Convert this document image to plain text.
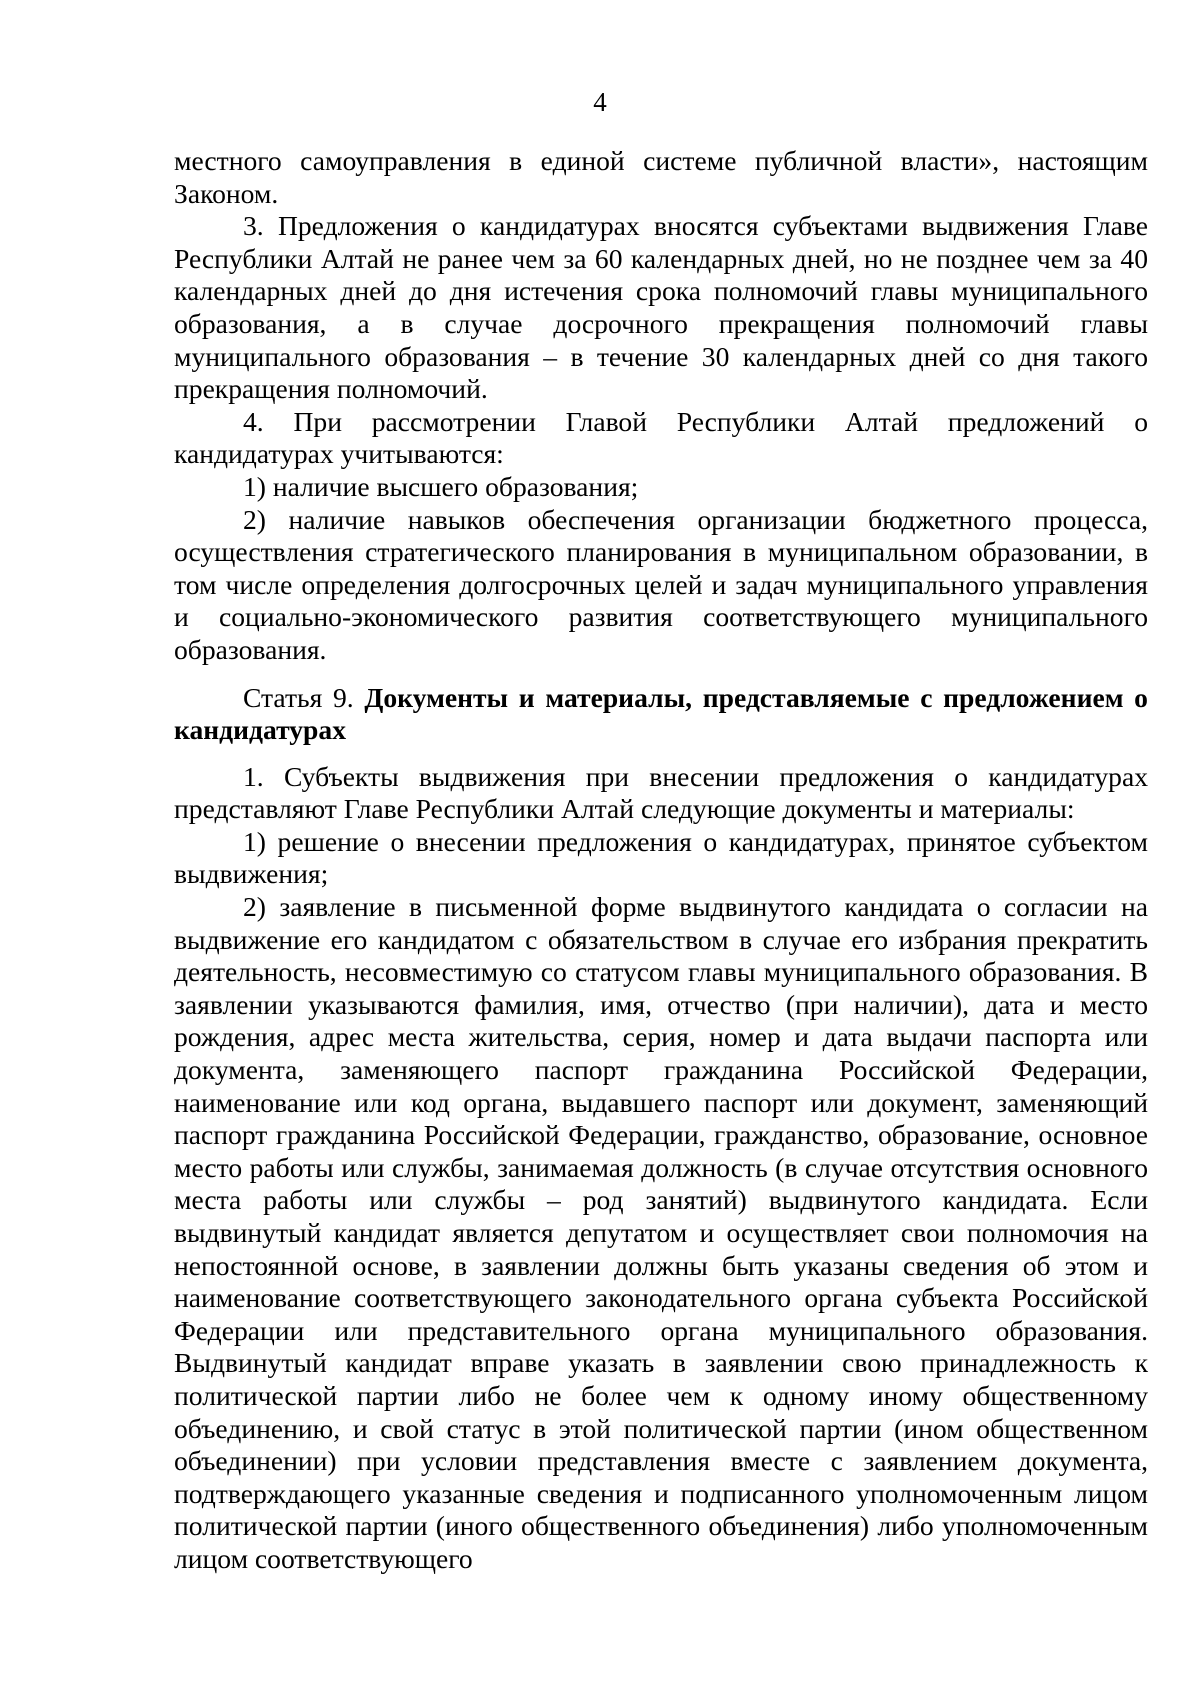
4

местного самоуправления в единой системе публичной власти», настоящим Законом.

3. Предложения о кандидатурах вносятся субъектами выдвижения Главе Республики Алтай не ранее чем за 60 календарных дней, но не позднее чем за 40 календарных дней до дня истечения срока полномочий главы муниципального образования, а в случае досрочного прекращения полномочий главы муниципального образования – в течение 30 календарных дней со дня такого прекращения полномочий.

4. При рассмотрении Главой Республики Алтай предложений о кандидатурах учитываются:

1) наличие высшего образования;

2) наличие навыков обеспечения организации бюджетного процесса, осуществления стратегического планирования в муниципальном образовании, в том числе определения долгосрочных целей и задач муниципального управления и социально-экономического развития соответствующего муниципального образования.

Статья 9. Документы и материалы, представляемые с предложением о кандидатурах

1. Субъекты выдвижения при внесении предложения о кандидатурах представляют Главе Республики Алтай следующие документы и материалы:

1) решение о внесении предложения о кандидатурах, принятое субъектом выдвижения;

2) заявление в письменной форме выдвинутого кандидата о согласии на выдвижение его кандидатом с обязательством в случае его избрания прекратить деятельность, несовместимую со статусом главы муниципального образования. В заявлении указываются фамилия, имя, отчество (при наличии), дата и место рождения, адрес места жительства, серия, номер и дата выдачи паспорта или документа, заменяющего паспорт гражданина Российской Федерации, наименование или код органа, выдавшего паспорт или документ, заменяющий паспорт гражданина Российской Федерации, гражданство, образование, основное место работы или службы, занимаемая должность (в случае отсутствия основного места работы или службы – род занятий) выдвинутого кандидата. Если выдвинутый кандидат является депутатом и осуществляет свои полномочия на непостоянной основе, в заявлении должны быть указаны сведения об этом и наименование соответствующего законодательного органа субъекта Российской Федерации или представительного органа муниципального образования. Выдвинутый кандидат вправе указать в заявлении свою принадлежность к политической партии либо не более чем к одному иному общественному объединению, и свой статус в этой политической партии (ином общественном объединении) при условии представления вместе с заявлением документа, подтверждающего указанные сведения и подписанного уполномоченным лицом политической партии (иного общественного объединения) либо уполномоченным лицом соответствующего
